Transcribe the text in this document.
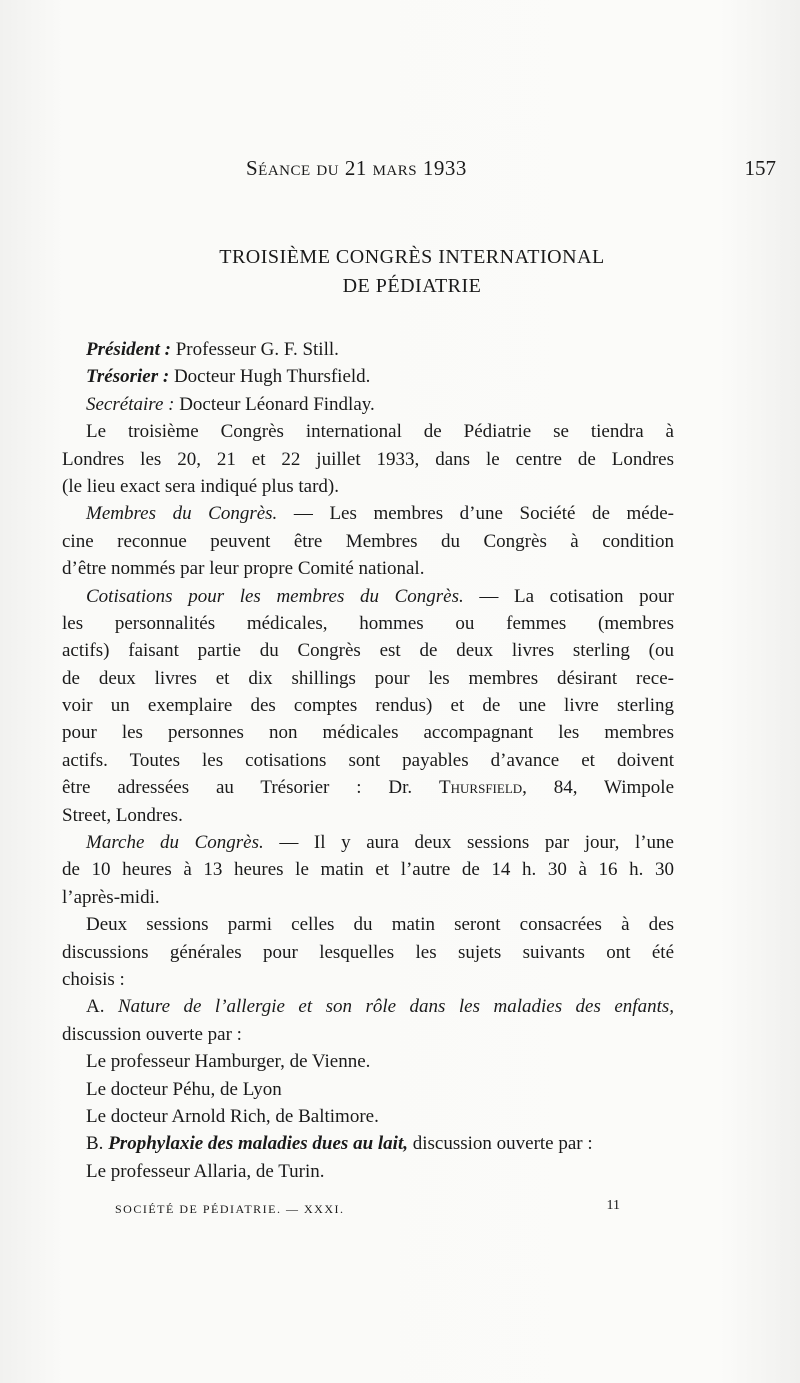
Séance du 21 mars 1933	157
TROISIÈME CONGRÈS INTERNATIONAL
DE PÉDIATRIE
Président : Professeur G. F. Still.
Trésorier : Docteur Hugh Thursfield.
Secrétaire : Docteur Léonard Findlay.
Le troisième Congrès international de Pédiatrie se tiendra à
Londres les 20, 21 et 22 juillet 1933, dans le centre de Londres
(le lieu exact sera indiqué plus tard).
Membres du Congrès. — Les membres d’une Société de méde-
cine reconnue peuvent être Membres du Congrès à condition
d’être nommés par leur propre Comité national.
Cotisations pour les membres du Congrès. — La cotisation pour
les personnalités médicales, hommes ou femmes (membres
actifs) faisant partie du Congrès est de deux livres sterling (ou
de deux livres et dix shillings pour les membres désirant rece-
voir un exemplaire des comptes rendus) et de une livre sterling
pour les personnes non médicales accompagnant les membres
actifs. Toutes les cotisations sont payables d’avance et doivent
être adressées au Trésorier : Dr. Thursfield, 84, Wimpole
Street, Londres.
Marche du Congrès. — Il y aura deux sessions par jour, l’une
de 10 heures à 13 heures le matin et l’autre de 14 h. 30 à 16 h. 30
l’après-midi.
Deux sessions parmi celles du matin seront consacrées à des
discussions générales pour lesquelles les sujets suivants ont été
choisis :
A. Nature de l’allergie et son rôle dans les maladies des enfants,
discussion ouverte par :
Le professeur Hamburger, de Vienne.
Le docteur Péhu, de Lyon
Le docteur Arnold Rich, de Baltimore.
B. Prophylaxie des maladies dues au lait, discussion ouverte par :
Le professeur Allaria, de Turin.
SOCIÉTÉ DE PÉDIATRIE. — XXXI.	11
